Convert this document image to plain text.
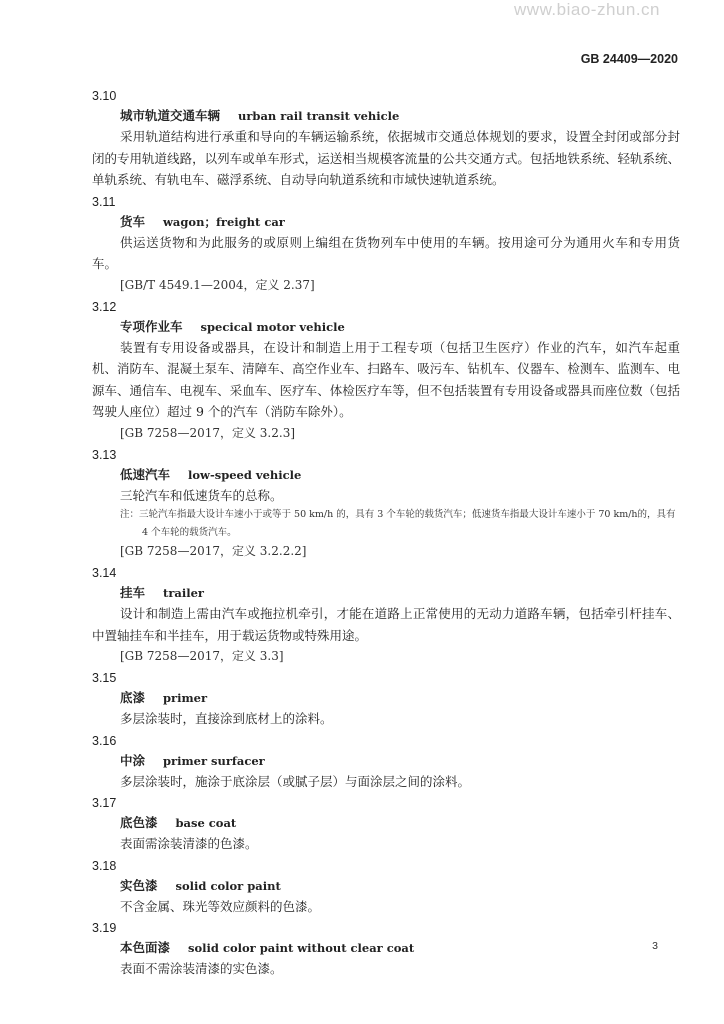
www.biao-zhun.cn
GB 24409—2020
3.10
城市轨道交通车辆 urban rail transit vehicle

采用轨道结构进行承重和导向的车辆运输系统，依据城市交通总体规划的要求，设置全封闭或部分封闭的专用轨道线路，以列车或单车形式，运送相当规模客流量的公共交通方式。包括地铁系统、轻轨系统、单轨系统、有轨电车、磁浮系统、自动导向轨道系统和市域快速轨道系统。

3.11
货车 wagon；freight car

供运送货物和为此服务的或原则上编组在货物列车中使用的车辆。按用途可分为通用火车和专用货车。

[GB/T 4549.1—2004，定义 2.37]
3.12
专项作业车 specical motor vehicle

装置有专用设备或器具，在设计和制造上用于工程专项（包括卫生医疗）作业的汽车，如汽车起重机、消防车、混凝土泵车、清障车、高空作业车、扫路车、吸污车、钻机车、仪器车、检测车、监测车、电源车、通信车、电视车、采血车、医疗车、体检医疗车等，但不包括装置有专用设备或器具而座位数（包括驾驶人座位）超过 9 个的汽车（消防车除外）。

[GB 7258—2017，定义 3.2.3]
3.13
低速汽车 low-speed vehicle

三轮汽车和低速货车的总称。

注：三轮汽车指最大设计车速小于或等于 50 km/h 的，具有 3 个车轮的载货汽车；低速货车指最大设计车速小于 70 km/h的，具有 4 个车轮的载货汽车。
[GB 7258—2017，定义 3.2.2.2]
3.14
挂车 trailer

设计和制造上需由汽车或拖拉机牵引，才能在道路上正常使用的无动力道路车辆，包括牵引杆挂车、中置轴挂车和半挂车，用于载运货物或特殊用途。

[GB 7258—2017，定义 3.3]
3.15
底漆 primer

多层涂装时，直接涂到底材上的涂料。

3.16
中涂 primer surfacer

多层涂装时，施涂于底涂层（或腻子层）与面涂层之间的涂料。

3.17
底色漆 base coat

表面需涂装清漆的色漆。

3.18
实色漆 solid color paint

不含金属、珠光等效应颜料的色漆。

3.19
本色面漆 solid color paint without clear coat

表面不需涂装清漆的实色漆。

3
